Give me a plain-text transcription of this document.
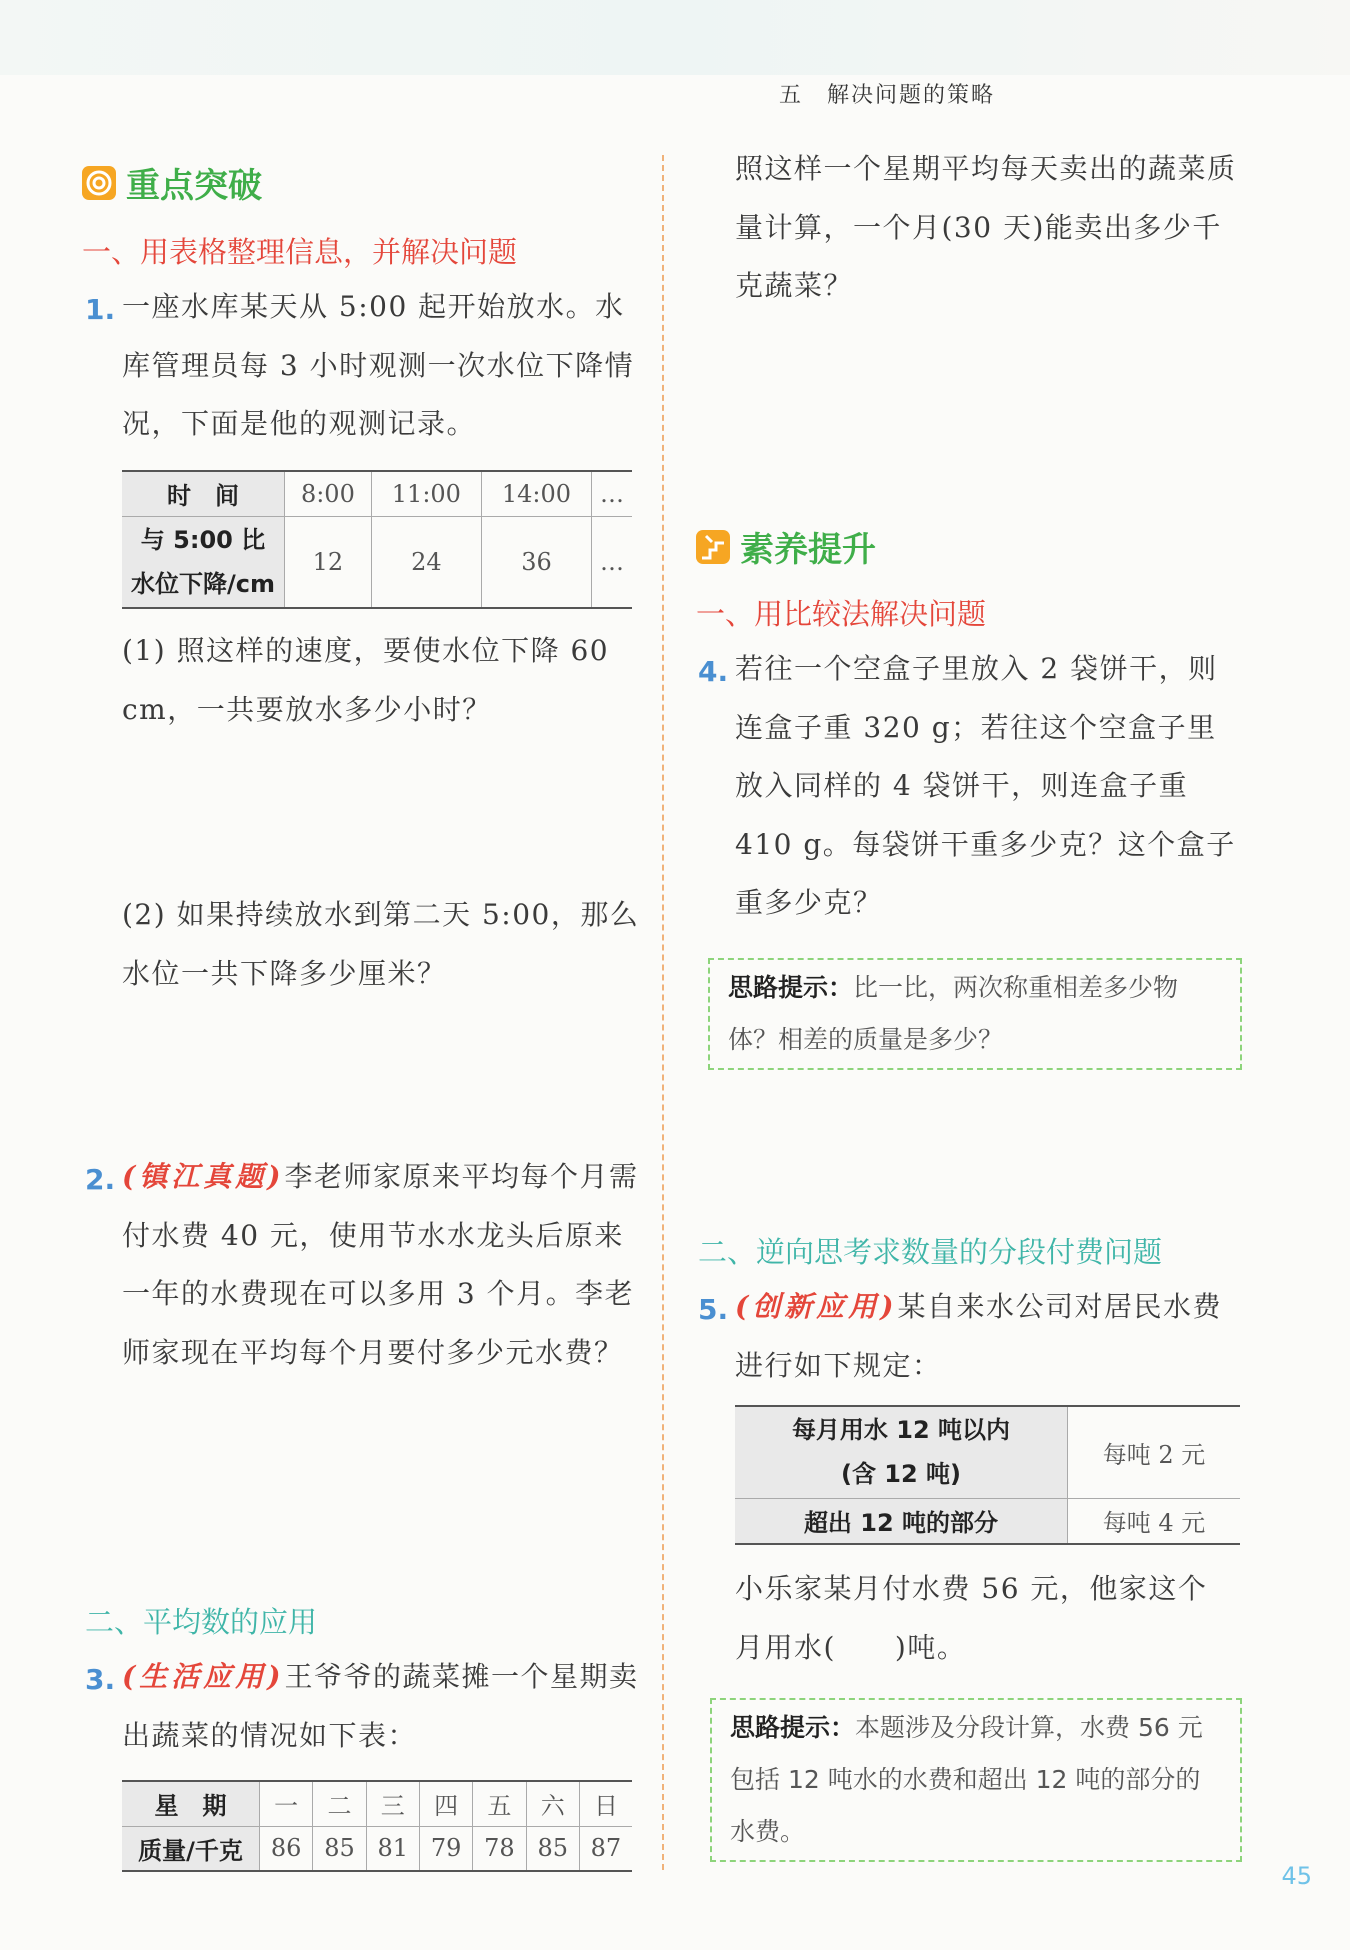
五　解决问题的策略
重点突破
一、用表格整理信息，并解决问题
1. 一座水库某天从 5:00 起开始放水。水库管理员每 3 小时观测一次水位下降情况，下面是他的观测记录。
时　间	8:00	11:00	14:00	…
与 5:00 比
水位下降/cm	12	24	36	…
(1) 照这样的速度，要使水位下降 60 cm，一共要放水多少小时？
(2) 如果持续放水到第二天 5:00，那么水位一共下降多少厘米？
2. (镇江真题)李老师家原来平均每个月需付水费 40 元，使用节水水龙头后原来一年的水费现在可以多用 3 个月。李老师家现在平均每个月要付多少元水费？
二、平均数的应用
3. (生活应用)王爷爷的蔬菜摊一个星期卖出蔬菜的情况如下表：
星　期	一	二	三	四	五	六	日
质量/千克	86	85	81	79	78	85	87
照这样一个星期平均每天卖出的蔬菜质量计算，一个月(30 天)能卖出多少千克蔬菜？
素养提升
一、用比较法解决问题
4. 若往一个空盒子里放入 2 袋饼干，则连盒子重 320 g；若往这个空盒子里放入同样的 4 袋饼干，则连盒子重 410 g。每袋饼干重多少克？这个盒子重多少克？
思路提示：比一比，两次称重相差多少物体？相差的质量是多少？
二、逆向思考求数量的分段付费问题
5. (创新应用)某自来水公司对居民水费进行如下规定：
每月用水 12 吨以内
(含 12 吨)	每吨 2 元
超出 12 吨的部分	每吨 4 元
小乐家某月付水费 56 元，他家这个
月用水(　　)吨。
思路提示：本题涉及分段计算，水费 56 元包括 12 吨水的水费和超出 12 吨的部分的水费。
45
